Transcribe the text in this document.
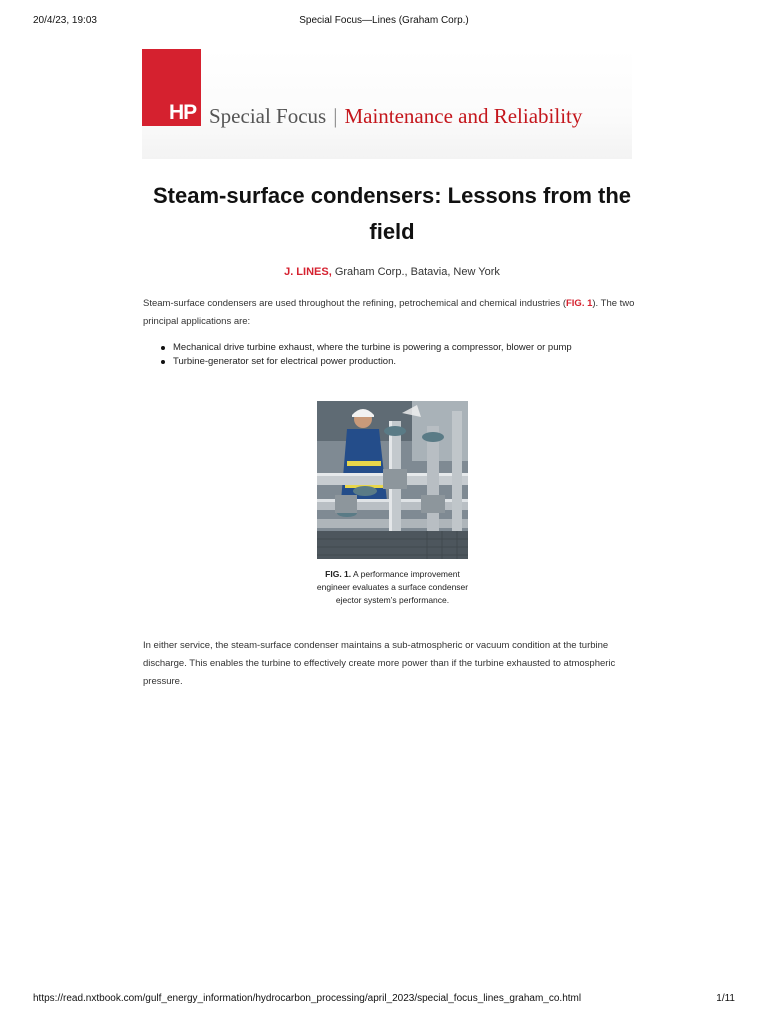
20/4/23, 19:03	Special Focus—Lines (Graham Corp.)
HP Special Focus | Maintenance and Reliability
Steam-surface condensers: Lessons from the field
J. LINES, Graham Corp., Batavia, New York

Steam-surface condensers are used throughout the refining, petrochemical and chemical industries (FIG. 1). The two principal applications are:

Mechanical drive turbine exhaust, where the turbine is powering a compressor, blower or pump
Turbine-generator set for electrical power production.
FIG. 1. A performance improvement engineer evaluates a surface condenser ejector system’s performance.

In either service, the steam-surface condenser maintains a sub-atmospheric or vacuum condition at the turbine discharge. This enables the turbine to effectively create more power than if the turbine exhausted to atmospheric pressure.

https://read.nxtbook.com/gulf_energy_information/hydrocarbon_processing/april_2023/special_focus_lines_graham_co.html	1/11
